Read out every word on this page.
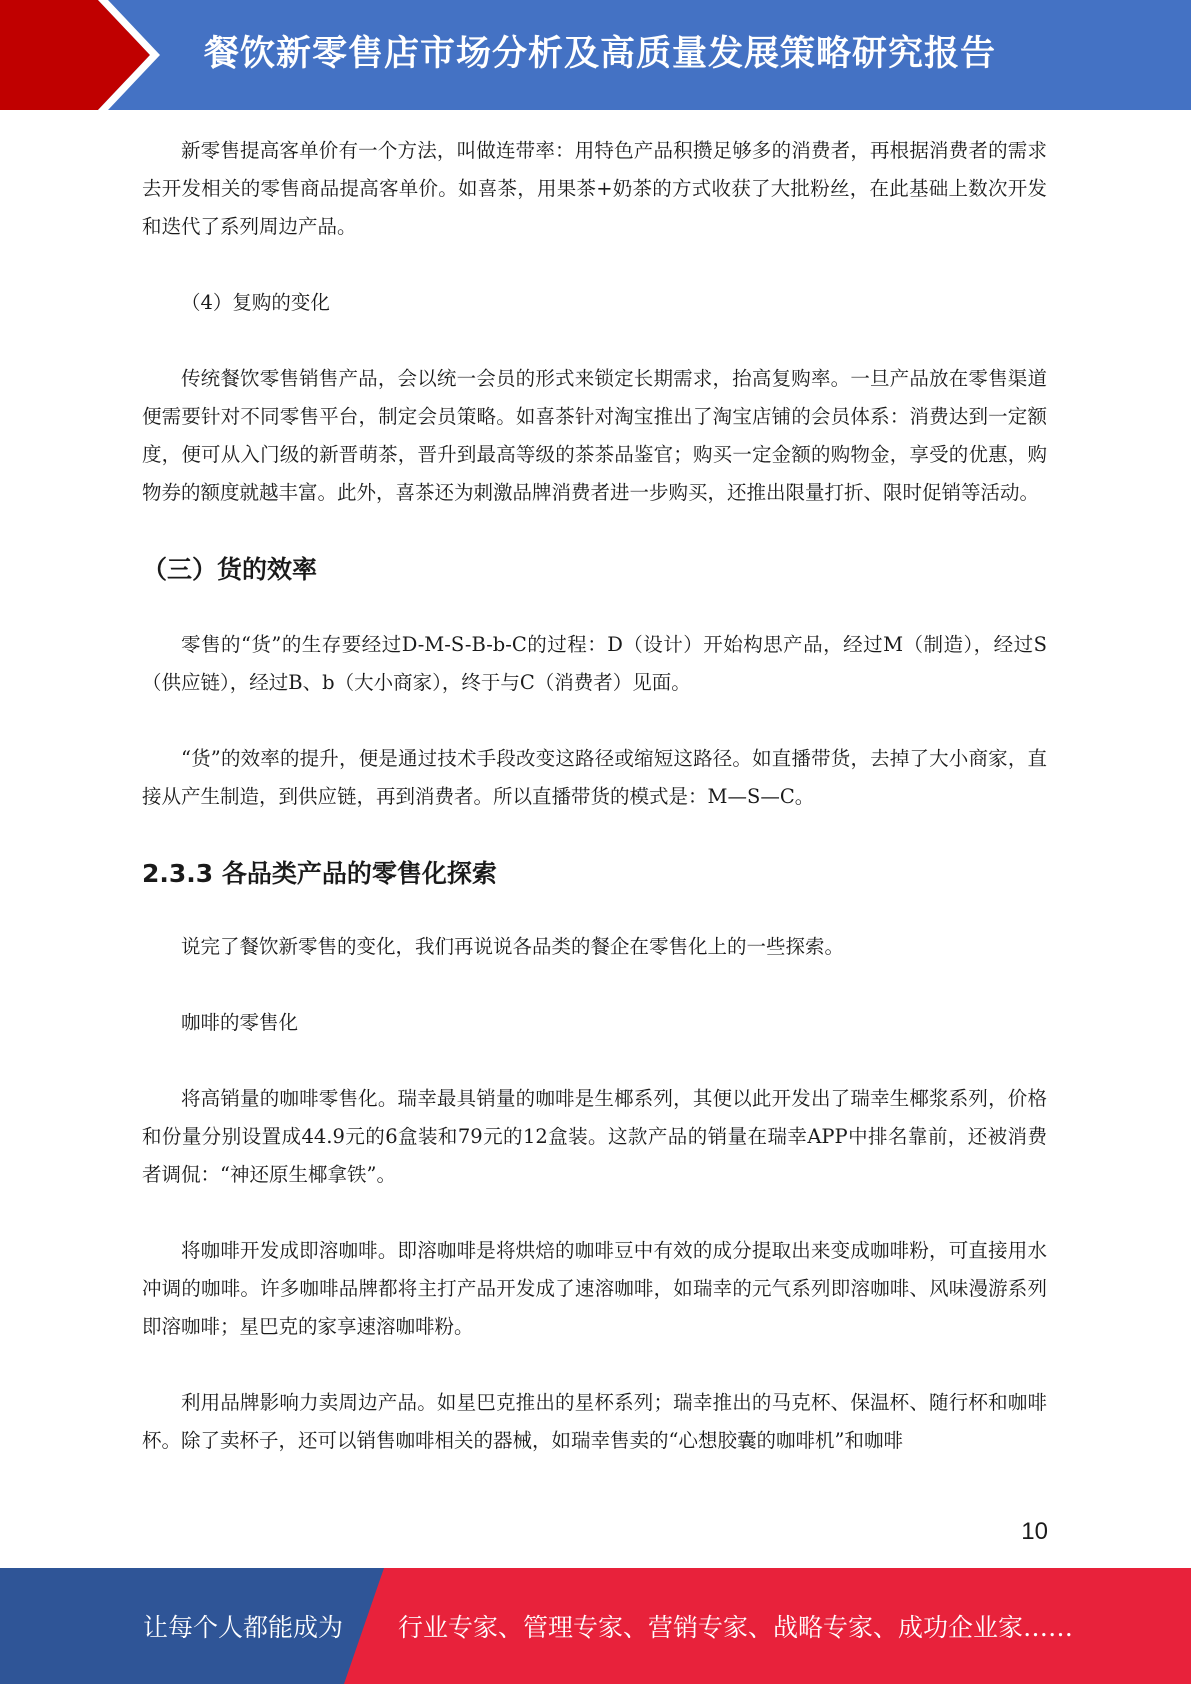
餐饮新零售店市场分析及高质量发展策略研究报告

新零售提高客单价有一个方法，叫做连带率：用特色产品积攒足够多的消费者，再根据消费者的需求去开发相关的零售商品提高客单价。如喜茶，用果茶+奶茶的方式收获了大批粉丝，在此基础上数次开发和迭代了系列周边产品。

（4）复购的变化

传统餐饮零售销售产品，会以统一会员的形式来锁定长期需求，抬高复购率。一旦产品放在零售渠道便需要针对不同零售平台，制定会员策略。如喜茶针对淘宝推出了淘宝店铺的会员体系：消费达到一定额度，便可从入门级的新晋萌茶，晋升到最高等级的茶茶品鉴官；购买一定金额的购物金，享受的优惠，购物券的额度就越丰富。此外，喜茶还为刺激品牌消费者进一步购买，还推出限量打折、限时促销等活动。

（三）货的效率

零售的“货”的生存要经过D-M-S-B-b-C的过程：D（设计）开始构思产品，经过M（制造），经过S（供应链），经过B、b（大小商家），终于与C（消费者）见面。

“货”的效率的提升，便是通过技术手段改变这路径或缩短这路径。如直播带货，去掉了大小商家，直接从产生制造，到供应链，再到消费者。所以直播带货的模式是：M—S—C。

2.3.3 各品类产品的零售化探索

说完了餐饮新零售的变化，我们再说说各品类的餐企在零售化上的一些探索。

咖啡的零售化

将高销量的咖啡零售化。瑞幸最具销量的咖啡是生椰系列，其便以此开发出了瑞幸生椰浆系列，价格和份量分别设置成44.9元的6盒装和79元的12盒装。这款产品的销量在瑞幸APP中排名靠前，还被消费者调侃：“神还原生椰拿铁”。

将咖啡开发成即溶咖啡。即溶咖啡是将烘焙的咖啡豆中有效的成分提取出来变成咖啡粉，可直接用水冲调的咖啡。许多咖啡品牌都将主打产品开发成了速溶咖啡，如瑞幸的元气系列即溶咖啡、风味漫游系列即溶咖啡；星巴克的家享速溶咖啡粉。

利用品牌影响力卖周边产品。如星巴克推出的星杯系列；瑞幸推出的马克杯、保温杯、随行杯和咖啡杯。除了卖杯子，还可以销售咖啡相关的器械，如瑞幸售卖的“心想胶囊的咖啡机”和咖啡

10
让每个人都能成为 行业专家、管理专家、营销专家、战略专家、成功企业家……
